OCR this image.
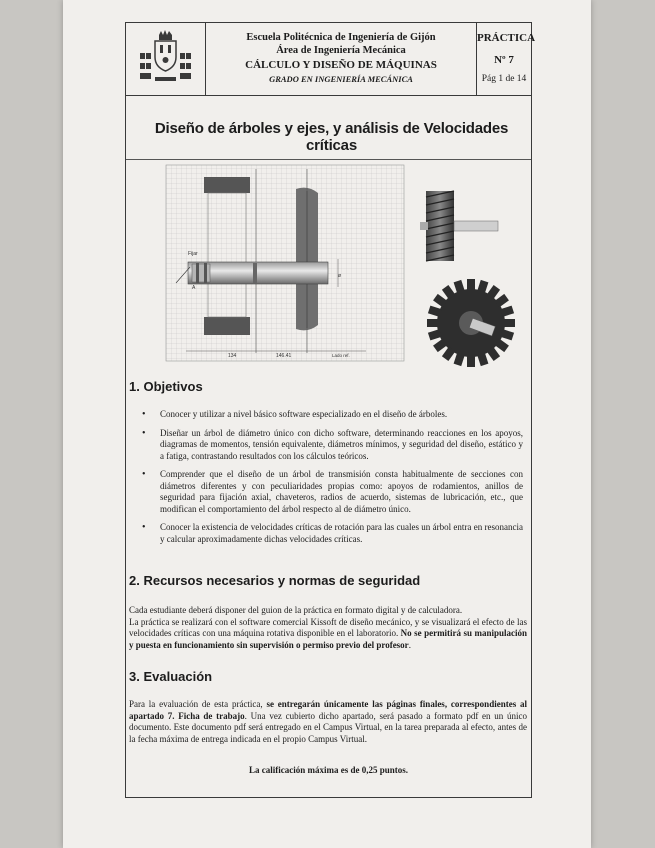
Escuela Politécnica de Ingeniería de Gijón
Área de Ingeniería Mecánica
CÁLCULO Y DISEÑO DE MÁQUINAS
GRADO EN INGENIERÍA MECÁNICA
PRÁCTICA
Nº 7
Pág 1 de 14
Diseño de árboles y ejes, y análisis de Velocidades críticas
Fijar
A
ø
134	146.41	Lado ref.
1. Objetivos
• Conocer y utilizar a nivel básico software especializado en el diseño de árboles.
• Diseñar un árbol de diámetro único con dicho software, determinando reacciones en los apoyos, diagramas de momentos, tensión equivalente, diámetros mínimos, y seguridad del diseño, estático y a fatiga, contrastando resultados con los cálculos teóricos.
• Comprender que el diseño de un árbol de transmisión consta habitualmente de secciones con diámetros diferentes y con peculiaridades propias como: apoyos de rodamientos, anillos de seguridad para fijación axial, chaveteros, radios de acuerdo, sistemas de lubricación, etc., que modifican el comportamiento del árbol respecto al de diámetro único.
• Conocer la existencia de velocidades críticas de rotación para las cuales un árbol entra en resonancia y calcular aproximadamente dichas velocidades críticas.
2. Recursos necesarios y normas de seguridad
Cada estudiante deberá disponer del guion de la práctica en formato digital y de calculadora.
La práctica se realizará con el software comercial Kissoft de diseño mecánico, y se visualizará el efecto de las velocidades críticas con una máquina rotativa disponible en el laboratorio. No se permitirá su manipulación y puesta en funcionamiento sin supervisión o permiso previo del profesor.
3. Evaluación
Para la evaluación de esta práctica, se entregarán únicamente las páginas finales, correspondientes al apartado 7. Ficha de trabajo. Una vez cubierto dicho apartado, será pasado a formato pdf en un único documento. Este documento pdf será entregado en el Campus Virtual, en la tarea preparada al efecto, antes de la fecha máxima de entrega indicada en el propio Campus Virtual.
La calificación máxima es de 0,25 puntos.
